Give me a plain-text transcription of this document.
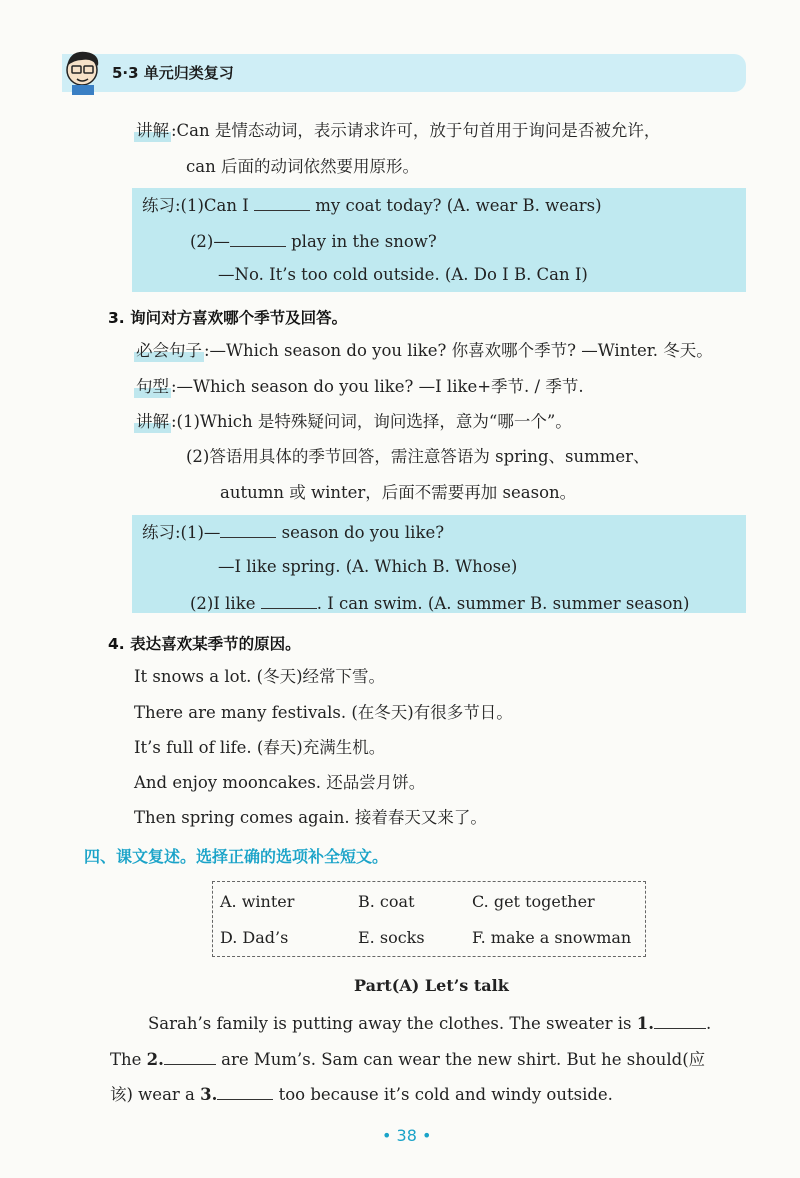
5·3 单元归类复习
讲解 :Can 是情态动词，表示请求许可，放于句首用于询问是否被允许，
can 后面的动词依然要用原形。
练习:(1)Can I	my coat today? (A. wear B. wears)
(2)—	play in the snow?
—No. It’s too cold outside. (A. Do I B. Can I)
3. 询问对方喜欢哪个季节及回答。
必会句子 :—Which season do you like? 你喜欢哪个季节? —Winter. 冬天。
句型 :—Which season do you like? —I like+季节. / 季节.
讲解 :(1)Which 是特殊疑问词，询问选择，意为“哪一个”。
(2)答语用具体的季节回答，需注意答语为 spring、summer、
autumn 或 winter，后面不需要再加 season。
练习:(1)—	season do you like?
—I like spring. (A. Which B. Whose)
(2)I like	. I can swim. (A. summer B. summer season)
4. 表达喜欢某季节的原因。
It snows a lot. (冬天)经常下雪。
There are many festivals. (在冬天)有很多节日。
It’s full of life. (春天)充满生机。
And enjoy mooncakes. 还品尝月饼。
Then spring comes again. 接着春天又来了。
四、课文复述。选择正确的选项补全短文。
A. winter	B. coat	C. get together
D. Dad’s	E. socks	F. make a snowman
Part(A) Let’s talk
Sarah’s family is putting away the clothes. The sweater is 1.	.
The 2.	are Mum’s. Sam can wear the new shirt. But he should(应
该) wear a 3.	too because it’s cold and windy outside.
• 38 •
